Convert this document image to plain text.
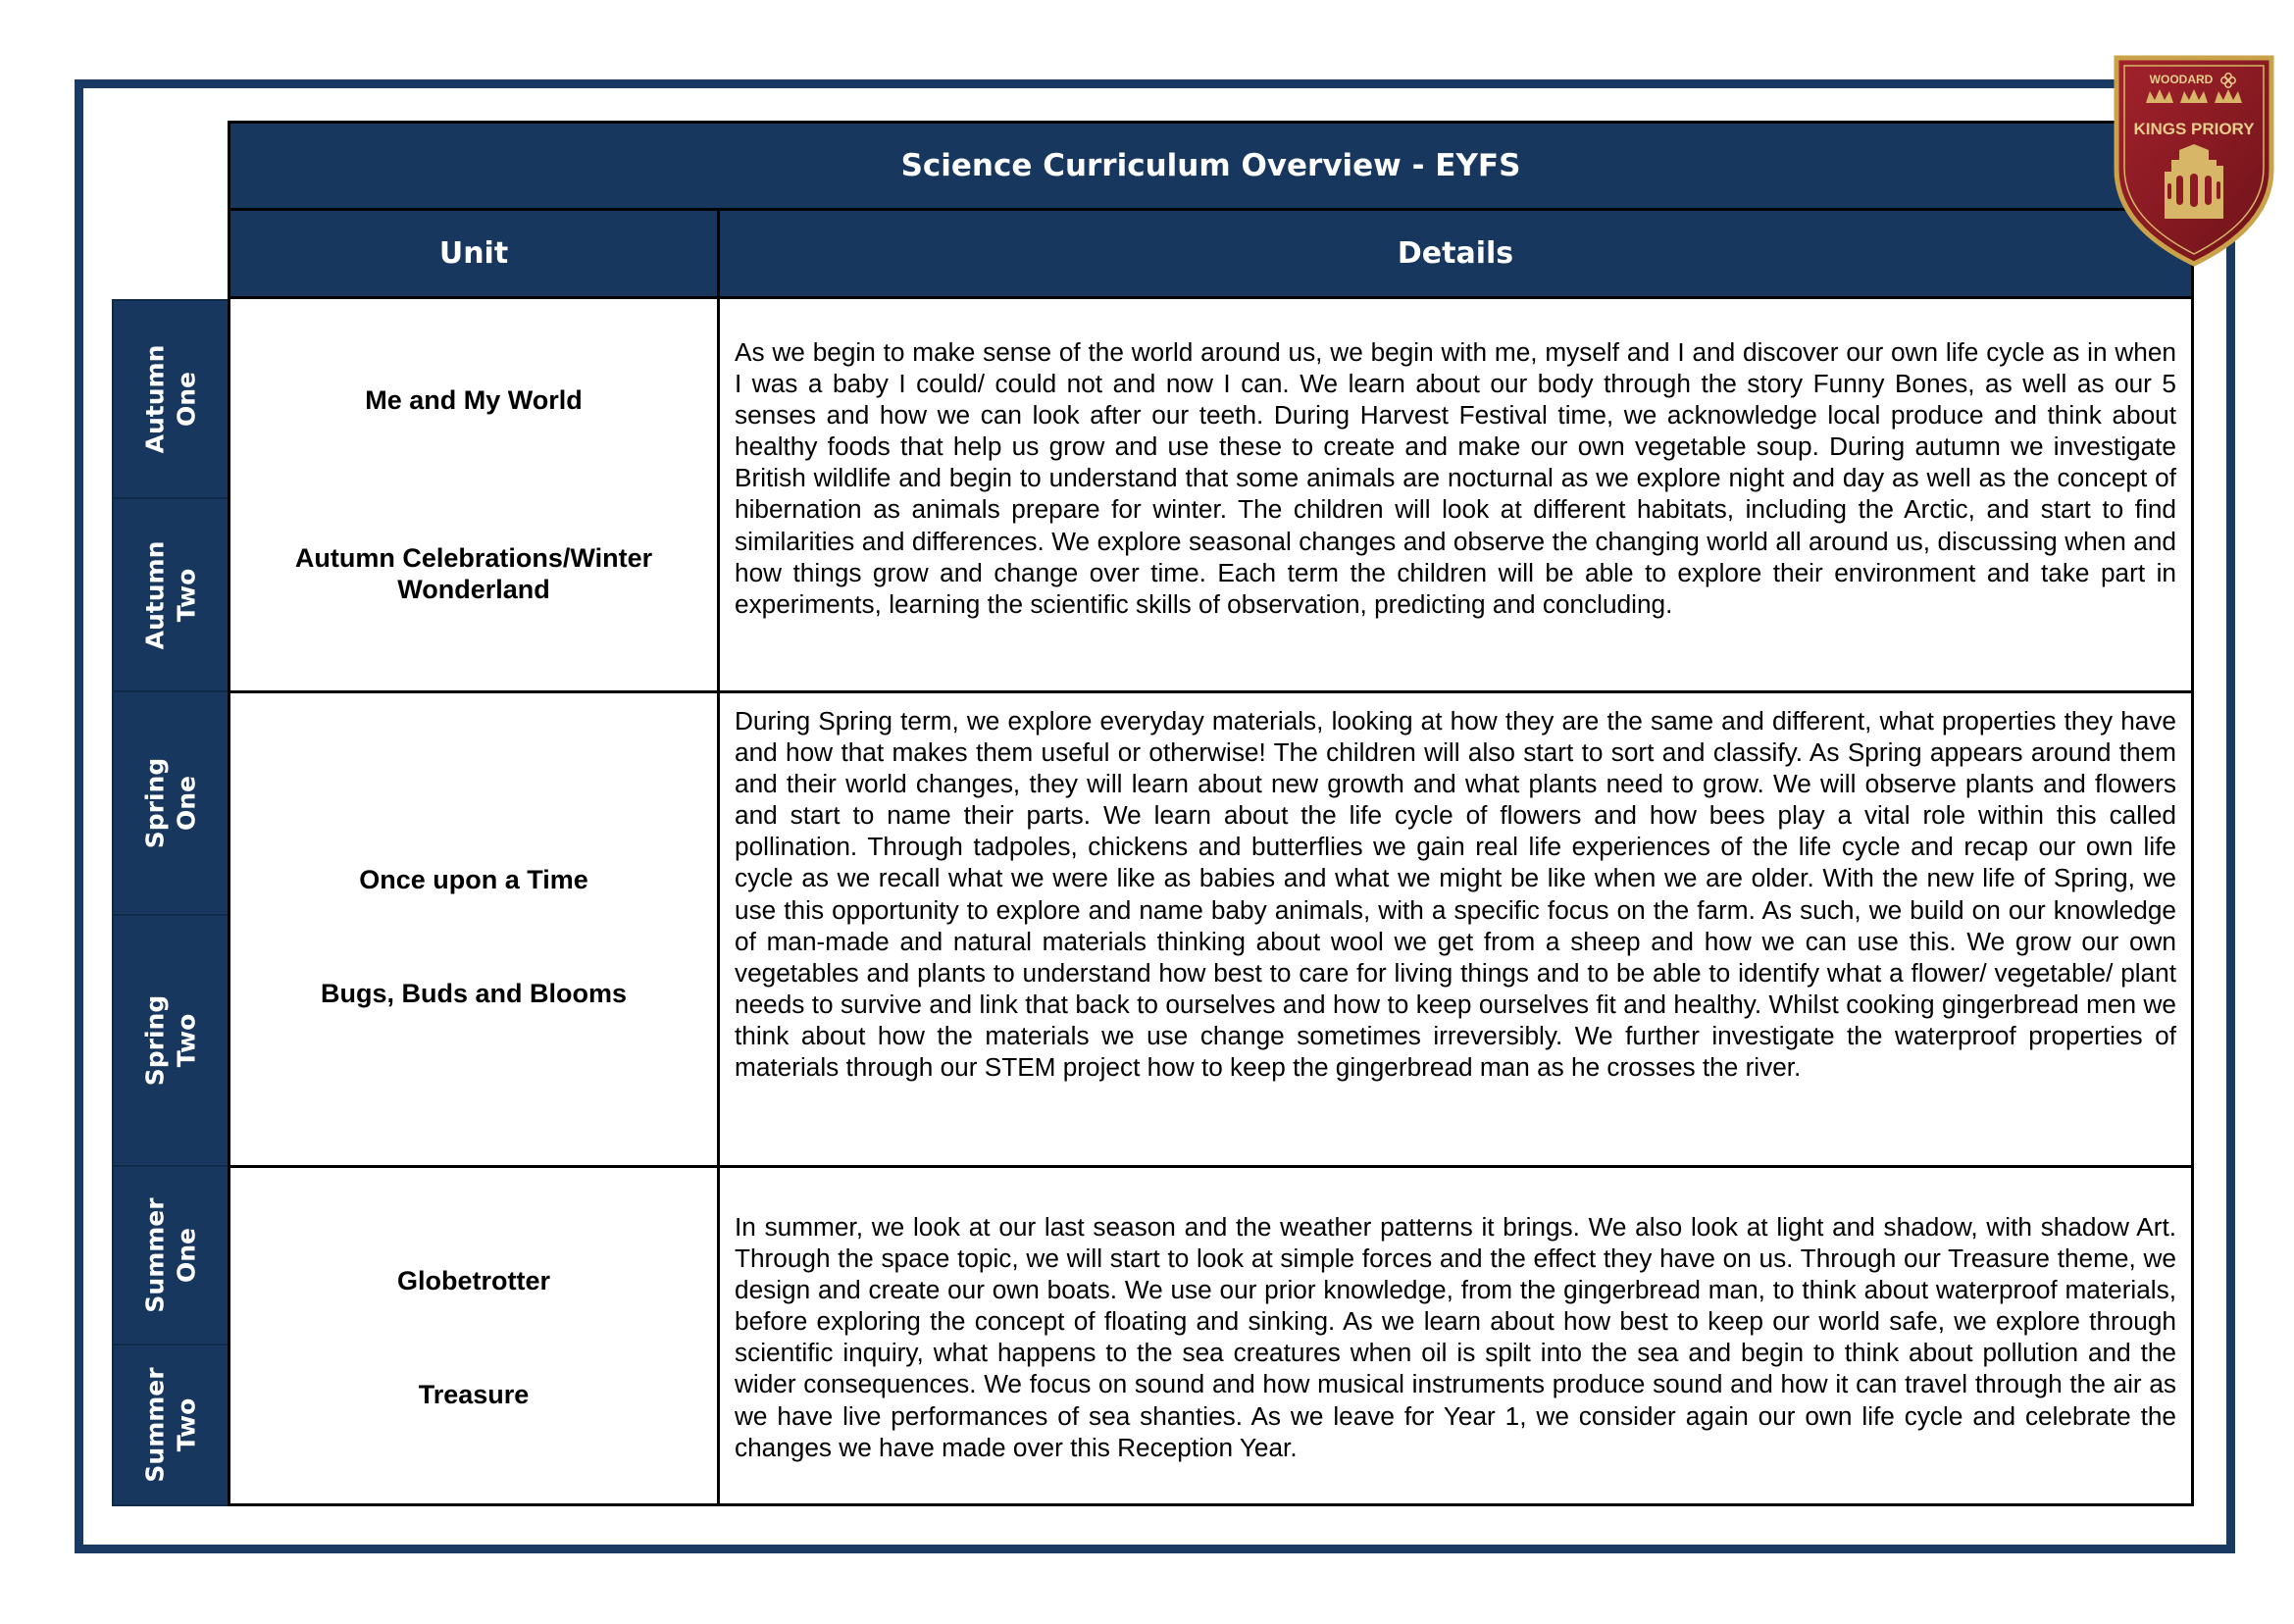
Science Curriculum Overview - EYFS
Unit	Details
Autumn One
Autumn Two
Spring One
Spring Two
Summer One
Summer Two
Me and My World
Autumn Celebrations/Winter Wonderland

As we begin to make sense of the world around us, we begin with me, myself and I and discover our own life cycle as in when I was a baby I could/ could not and now I can. We learn about our body through the story Funny Bones, as well as our 5 senses and how we can look after our teeth. During Harvest Festival time, we acknowledge local produce and think about healthy foods that help us grow and use these to create and make our own vegetable soup. During autumn we investigate British wildlife and begin to understand that some animals are nocturnal as we explore night and day as well as the concept of hibernation as animals prepare for winter. The children will look at different habitats, including the Arctic, and start to find similarities and differences. We explore seasonal changes and observe the changing world all around us, discussing when and how things grow and change over time. Each term the children will be able to explore their environment and take part in experiments, learning the scientific skills of observation, predicting and concluding.

Once upon a Time
Bugs, Buds and Blooms

During Spring term, we explore everyday materials, looking at how they are the same and different, what properties they have and how that makes them useful or otherwise! The children will also start to sort and classify. As Spring appears around them and their world changes, they will learn about new growth and what plants need to grow. We will observe plants and flowers and start to name their parts. We learn about the life cycle of flowers and how bees play a vital role within this called pollination. Through tadpoles, chickens and butterflies we gain real life experiences of the life cycle and recap our own life cycle as we recall what we were like as babies and what we might be like when we are older. With the new life of Spring, we use this opportunity to explore and name baby animals, with a specific focus on the farm. As such, we build on our knowledge of man-made and natural materials thinking about wool we get from a sheep and how we can use this. We grow our own vegetables and plants to understand how best to care for living things and to be able to identify what a flower/ vegetable/ plant needs to survive and link that back to ourselves and how to keep ourselves fit and healthy. Whilst cooking gingerbread men we think about how the materials we use change sometimes irreversibly. We further investigate the waterproof properties of materials through our STEM project how to keep the gingerbread man as he crosses the river.

Globetrotter
Treasure

In summer, we look at our last season and the weather patterns it brings. We also look at light and shadow, with shadow Art. Through the space topic, we will start to look at simple forces and the effect they have on us. Through our Treasure theme, we design and create our own boats. We use our prior knowledge, from the gingerbread man, to think about waterproof materials, before exploring the concept of floating and sinking. As we learn about how best to keep our world safe, we explore through scientific inquiry, what happens to the sea creatures when oil is spilt into the sea and begin to think about pollution and the wider consequences. We focus on sound and how musical instruments produce sound and how it can travel through the air as we have live performances of sea shanties. As we leave for Year 1, we consider again our own life cycle and celebrate the changes we have made over this Reception Year.

WOODARD
KINGS PRIORY
